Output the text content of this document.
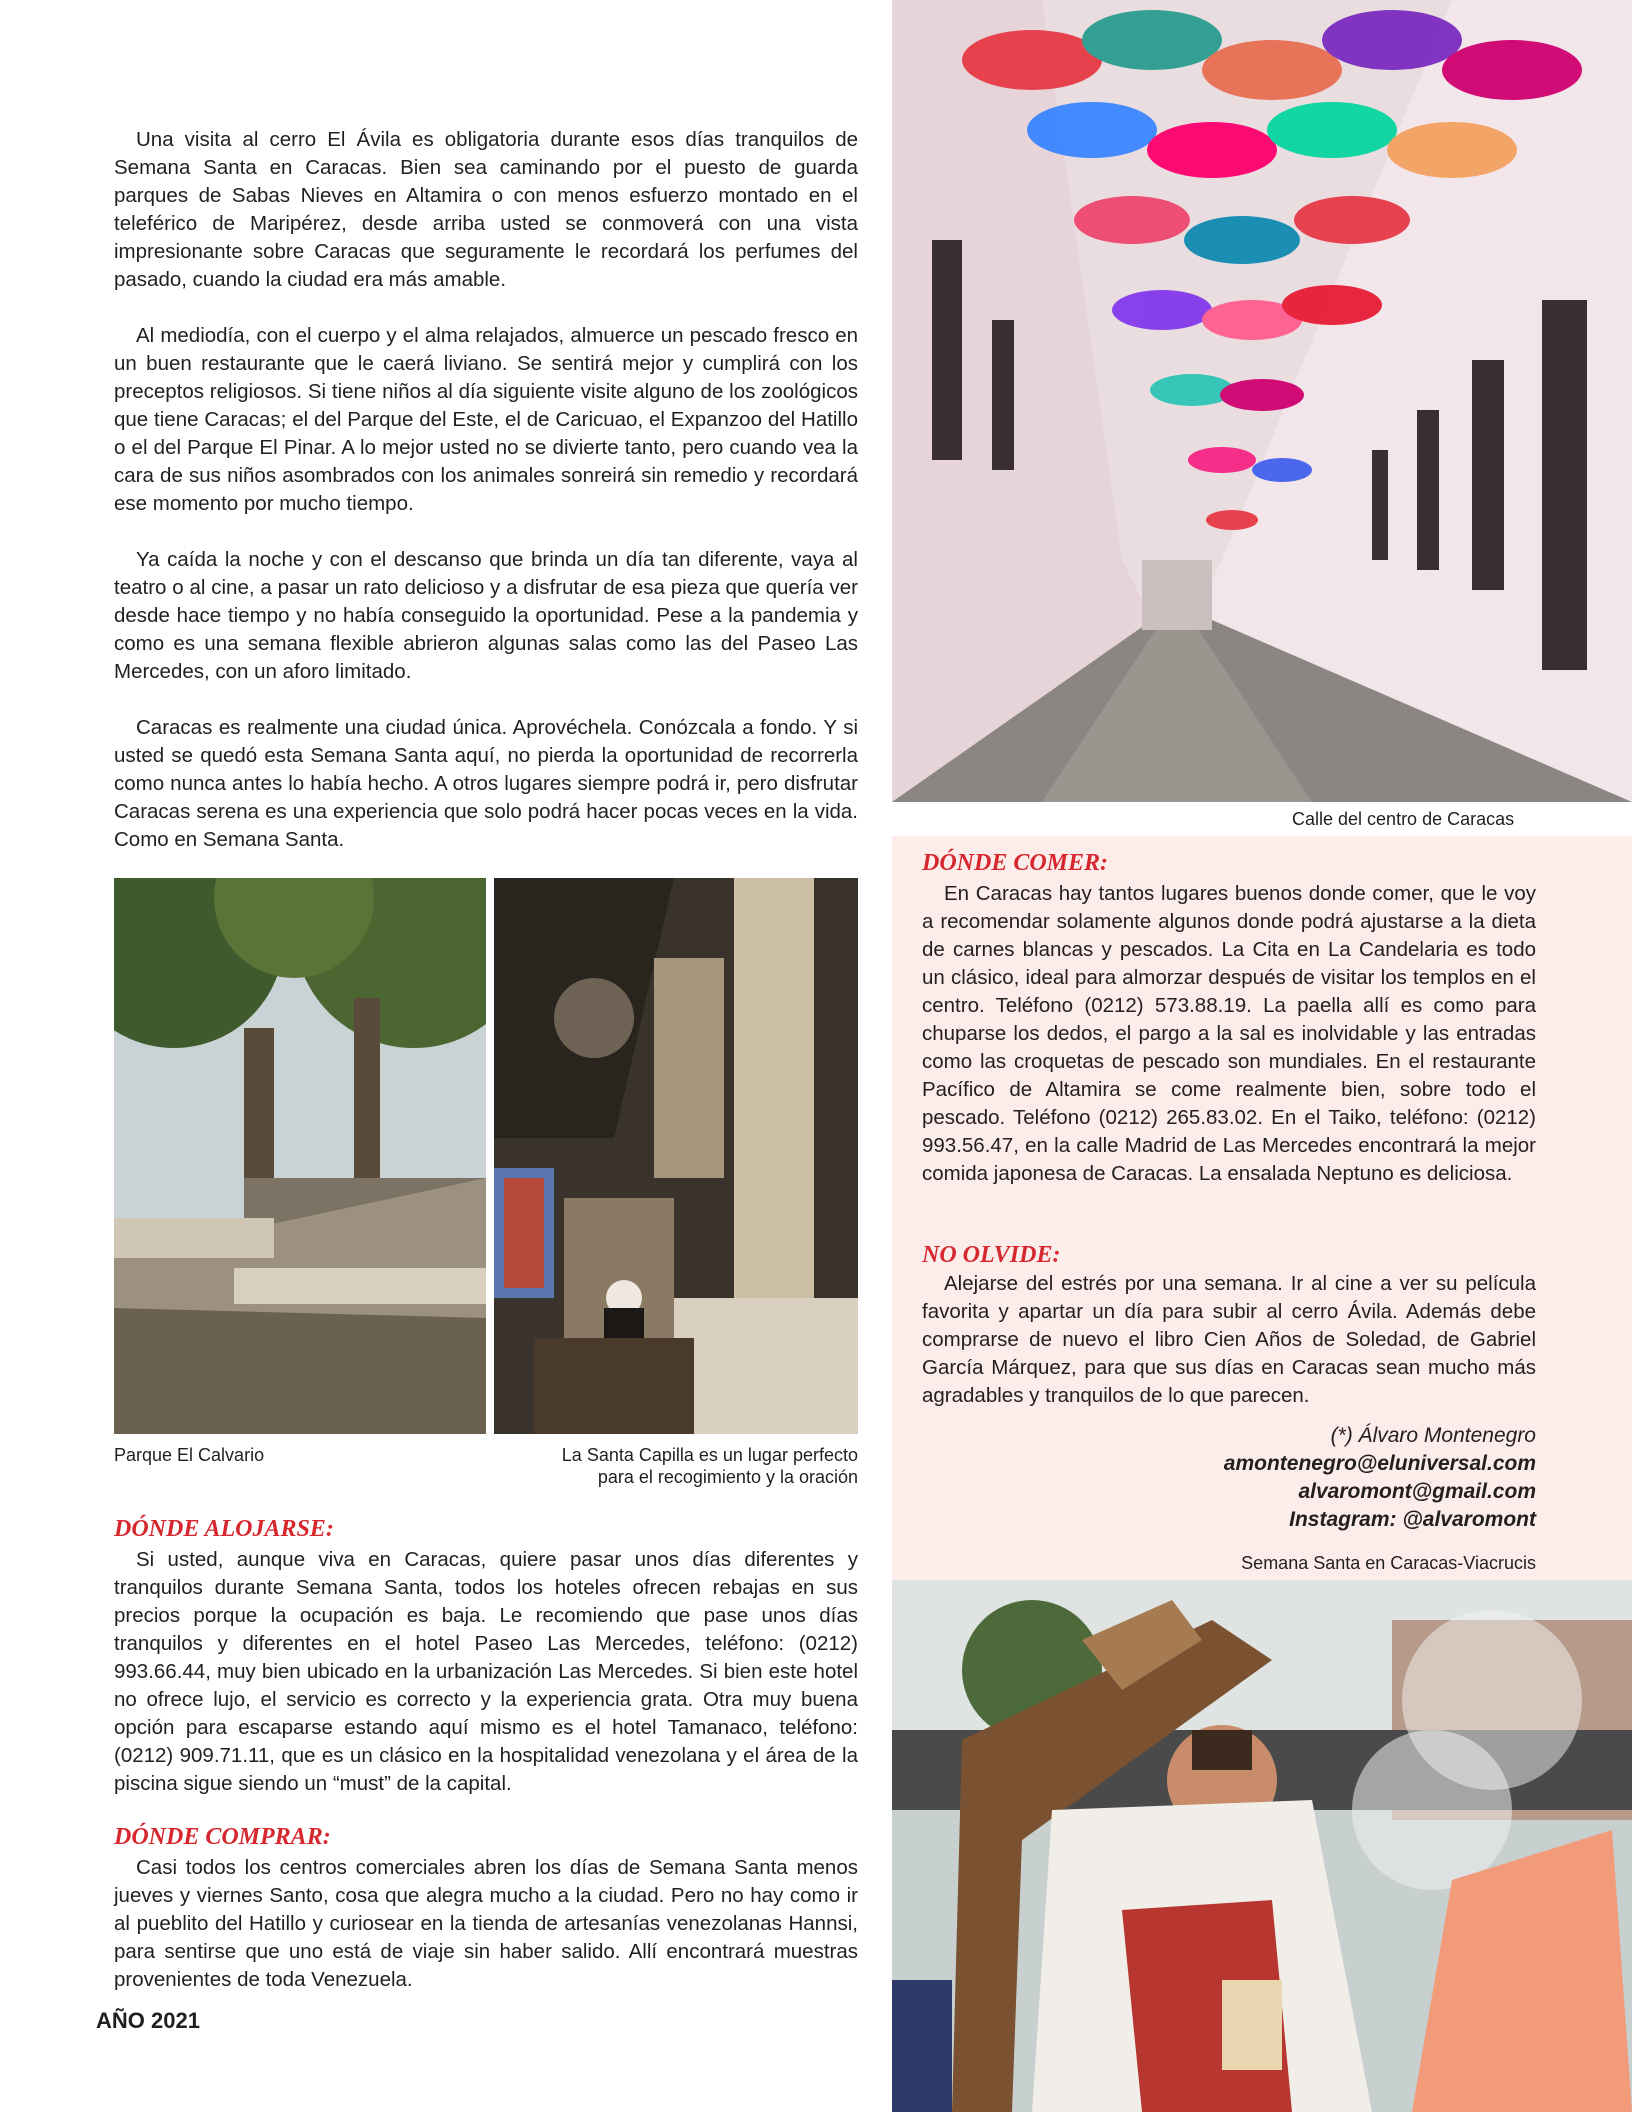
Una visita al cerro El Ávila es obligatoria durante esos días tranquilos de Semana Santa en Caracas. Bien sea caminando por el puesto de guarda parques de Sabas Nieves en Altamira o con menos esfuerzo montado en el teleférico de Maripérez, desde arriba usted se conmoverá con una vista impresionante sobre Caracas que seguramente le recordará los perfumes del pasado, cuando la ciudad era más amable.

Al mediodía, con el cuerpo y el alma relajados, almuerce un pescado fresco en un buen restaurante que le caerá liviano. Se sentirá mejor y cumplirá con los preceptos religiosos. Si tiene niños al día siguiente visite alguno de los zoológicos que tiene Caracas; el del Parque del Este, el de Caricuao, el Expanzoo del Hatillo o el del Parque El Pinar. A lo mejor usted no se divierte tanto, pero cuando vea la cara de sus niños asombrados con los animales sonreirá sin remedio y recordará ese momento por mucho tiempo.

Ya caída la noche y con el descanso que brinda un día tan diferente, vaya al teatro o al cine, a pasar un rato delicioso y a disfrutar de esa pieza que quería ver desde hace tiempo y no había conseguido la oportunidad. Pese a la pandemia y como es una semana flexible abrieron algunas salas como las del Paseo Las Mercedes, con un aforo limitado.

Caracas es realmente una ciudad única. Aprovéchela. Conózcala a fondo. Y si usted se quedó esta Semana Santa aquí, no pierda la oportunidad de recorrerla como nunca antes lo había hecho. A otros lugares siempre podrá ir, pero disfrutar Caracas serena es una experiencia que solo podrá hacer pocas veces en la vida. Como en Semana Santa.

Calle del centro de Caracas
Parque El Calvario	La Santa Capilla es un lugar perfecto
para el recogimiento y la oración
DÓNDE ALOJARSE:

Si usted, aunque viva en Caracas, quiere pasar unos días diferentes y tranquilos durante Semana Santa, todos los hoteles ofrecen rebajas en sus precios porque la ocupación es baja. Le recomiendo que pase unos días tranquilos y diferentes en el hotel Paseo Las Mercedes, teléfono: (0212) 993.66.44, muy bien ubicado en la urbanización Las Mercedes. Si bien este hotel no ofrece lujo, el servicio es correcto y la experiencia grata. Otra muy buena opción para escaparse estando aquí mismo es el hotel Tamanaco, teléfono: (0212) 909.71.11, que es un clásico en la hospitalidad venezolana y el área de la piscina sigue siendo un “must” de la capital.

DÓNDE COMPRAR:

Casi todos los centros comerciales abren los días de Semana Santa menos jueves y viernes Santo, cosa que alegra mucho a la ciudad. Pero no hay como ir al pueblito del Hatillo y curiosear en la tienda de artesanías venezolanas Hannsi, para sentirse que uno está de viaje sin haber salido. Allí encontrará muestras provenientes de toda Venezuela.

AÑO 2021
DÓNDE COMER:

En Caracas hay tantos lugares buenos donde comer, que le voy a recomendar solamente algunos donde podrá ajustarse a la dieta de carnes blancas y pescados. La Cita en La Candelaria es todo un clásico, ideal para almorzar después de visitar los templos en el centro. Teléfono (0212) 573.88.19. La paella allí es como para chuparse los dedos, el pargo a la sal es inolvidable y las entradas como las croquetas de pescado son mundiales. En el restaurante Pacífico de Altamira se come realmente bien, sobre todo el pescado. Teléfono (0212) 265.83.02. En el Taiko, teléfono: (0212) 993.56.47, en la calle Madrid de Las Mercedes encontrará la mejor comida japonesa de Caracas. La ensalada Neptuno es deliciosa.

NO OLVIDE:

Alejarse del estrés por una semana. Ir al cine a ver su película favorita y apartar un día para subir al cerro Ávila. Además debe comprarse de nuevo el libro Cien Años de Soledad, de Gabriel García Márquez, para que sus días en Caracas sean mucho más agradables y tranquilos de lo que parecen.

(*) Álvaro Montenegro
amontenegro@eluniversal.com
alvaromont@gmail.com
Instagram: @alvaromont
Semana Santa en Caracas-Viacrucis
